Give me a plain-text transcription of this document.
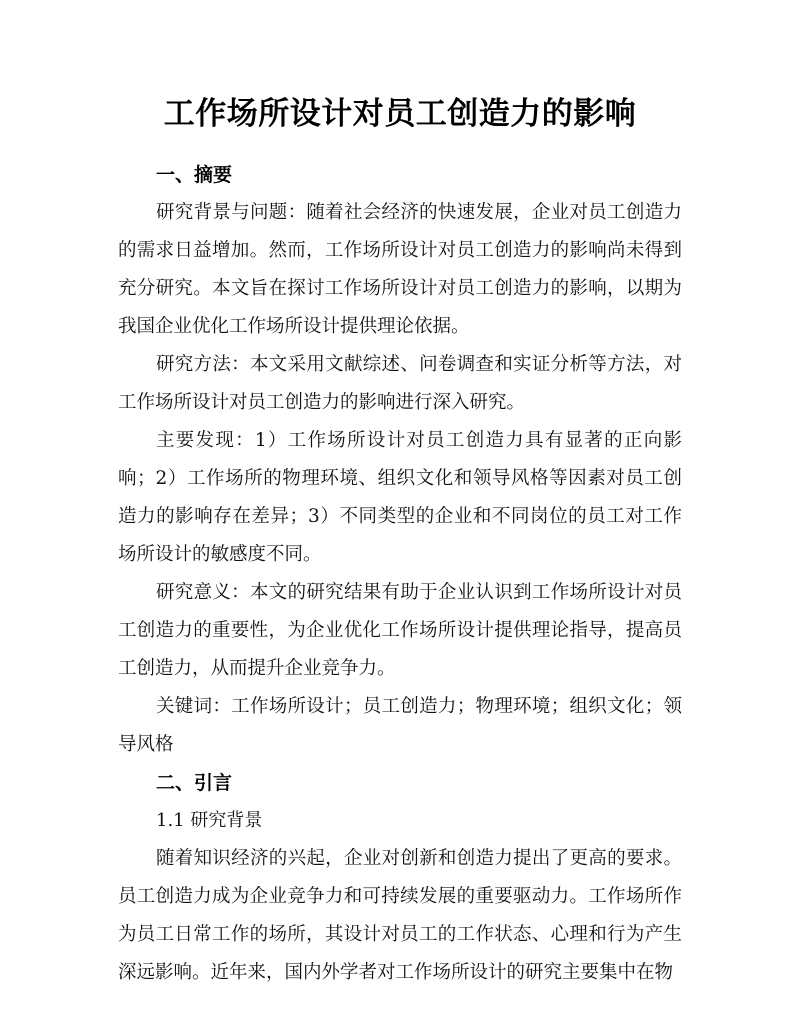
工作场所设计对员工创造力的影响
一、摘要

研究背景与问题：随着社会经济的快速发展，企业对员工创造力的需求日益增加。然而，工作场所设计对员工创造力的影响尚未得到充分研究。本文旨在探讨工作场所设计对员工创造力的影响，以期为我国企业优化工作场所设计提供理论依据。

研究方法：本文采用文献综述、问卷调查和实证分析等方法，对工作场所设计对员工创造力的影响进行深入研究。

主要发现：1）工作场所设计对员工创造力具有显著的正向影响；2）工作场所的物理环境、组织文化和领导风格等因素对员工创造力的影响存在差异；3）不同类型的企业和不同岗位的员工对工作场所设计的敏感度不同。

研究意义：本文的研究结果有助于企业认识到工作场所设计对员工创造力的重要性，为企业优化工作场所设计提供理论指导，提高员工创造力，从而提升企业竞争力。

关键词：工作场所设计；员工创造力；物理环境；组织文化；领导风格

二、引言

1.1 研究背景

随着知识经济的兴起，企业对创新和创造力提出了更高的要求。员工创造力成为企业竞争力和可持续发展的重要驱动力。工作场所作为员工日常工作的场所，其设计对员工的工作状态、心理和行为产生深远影响。近年来，国内外学者对工作场所设计的研究主要集中在物
